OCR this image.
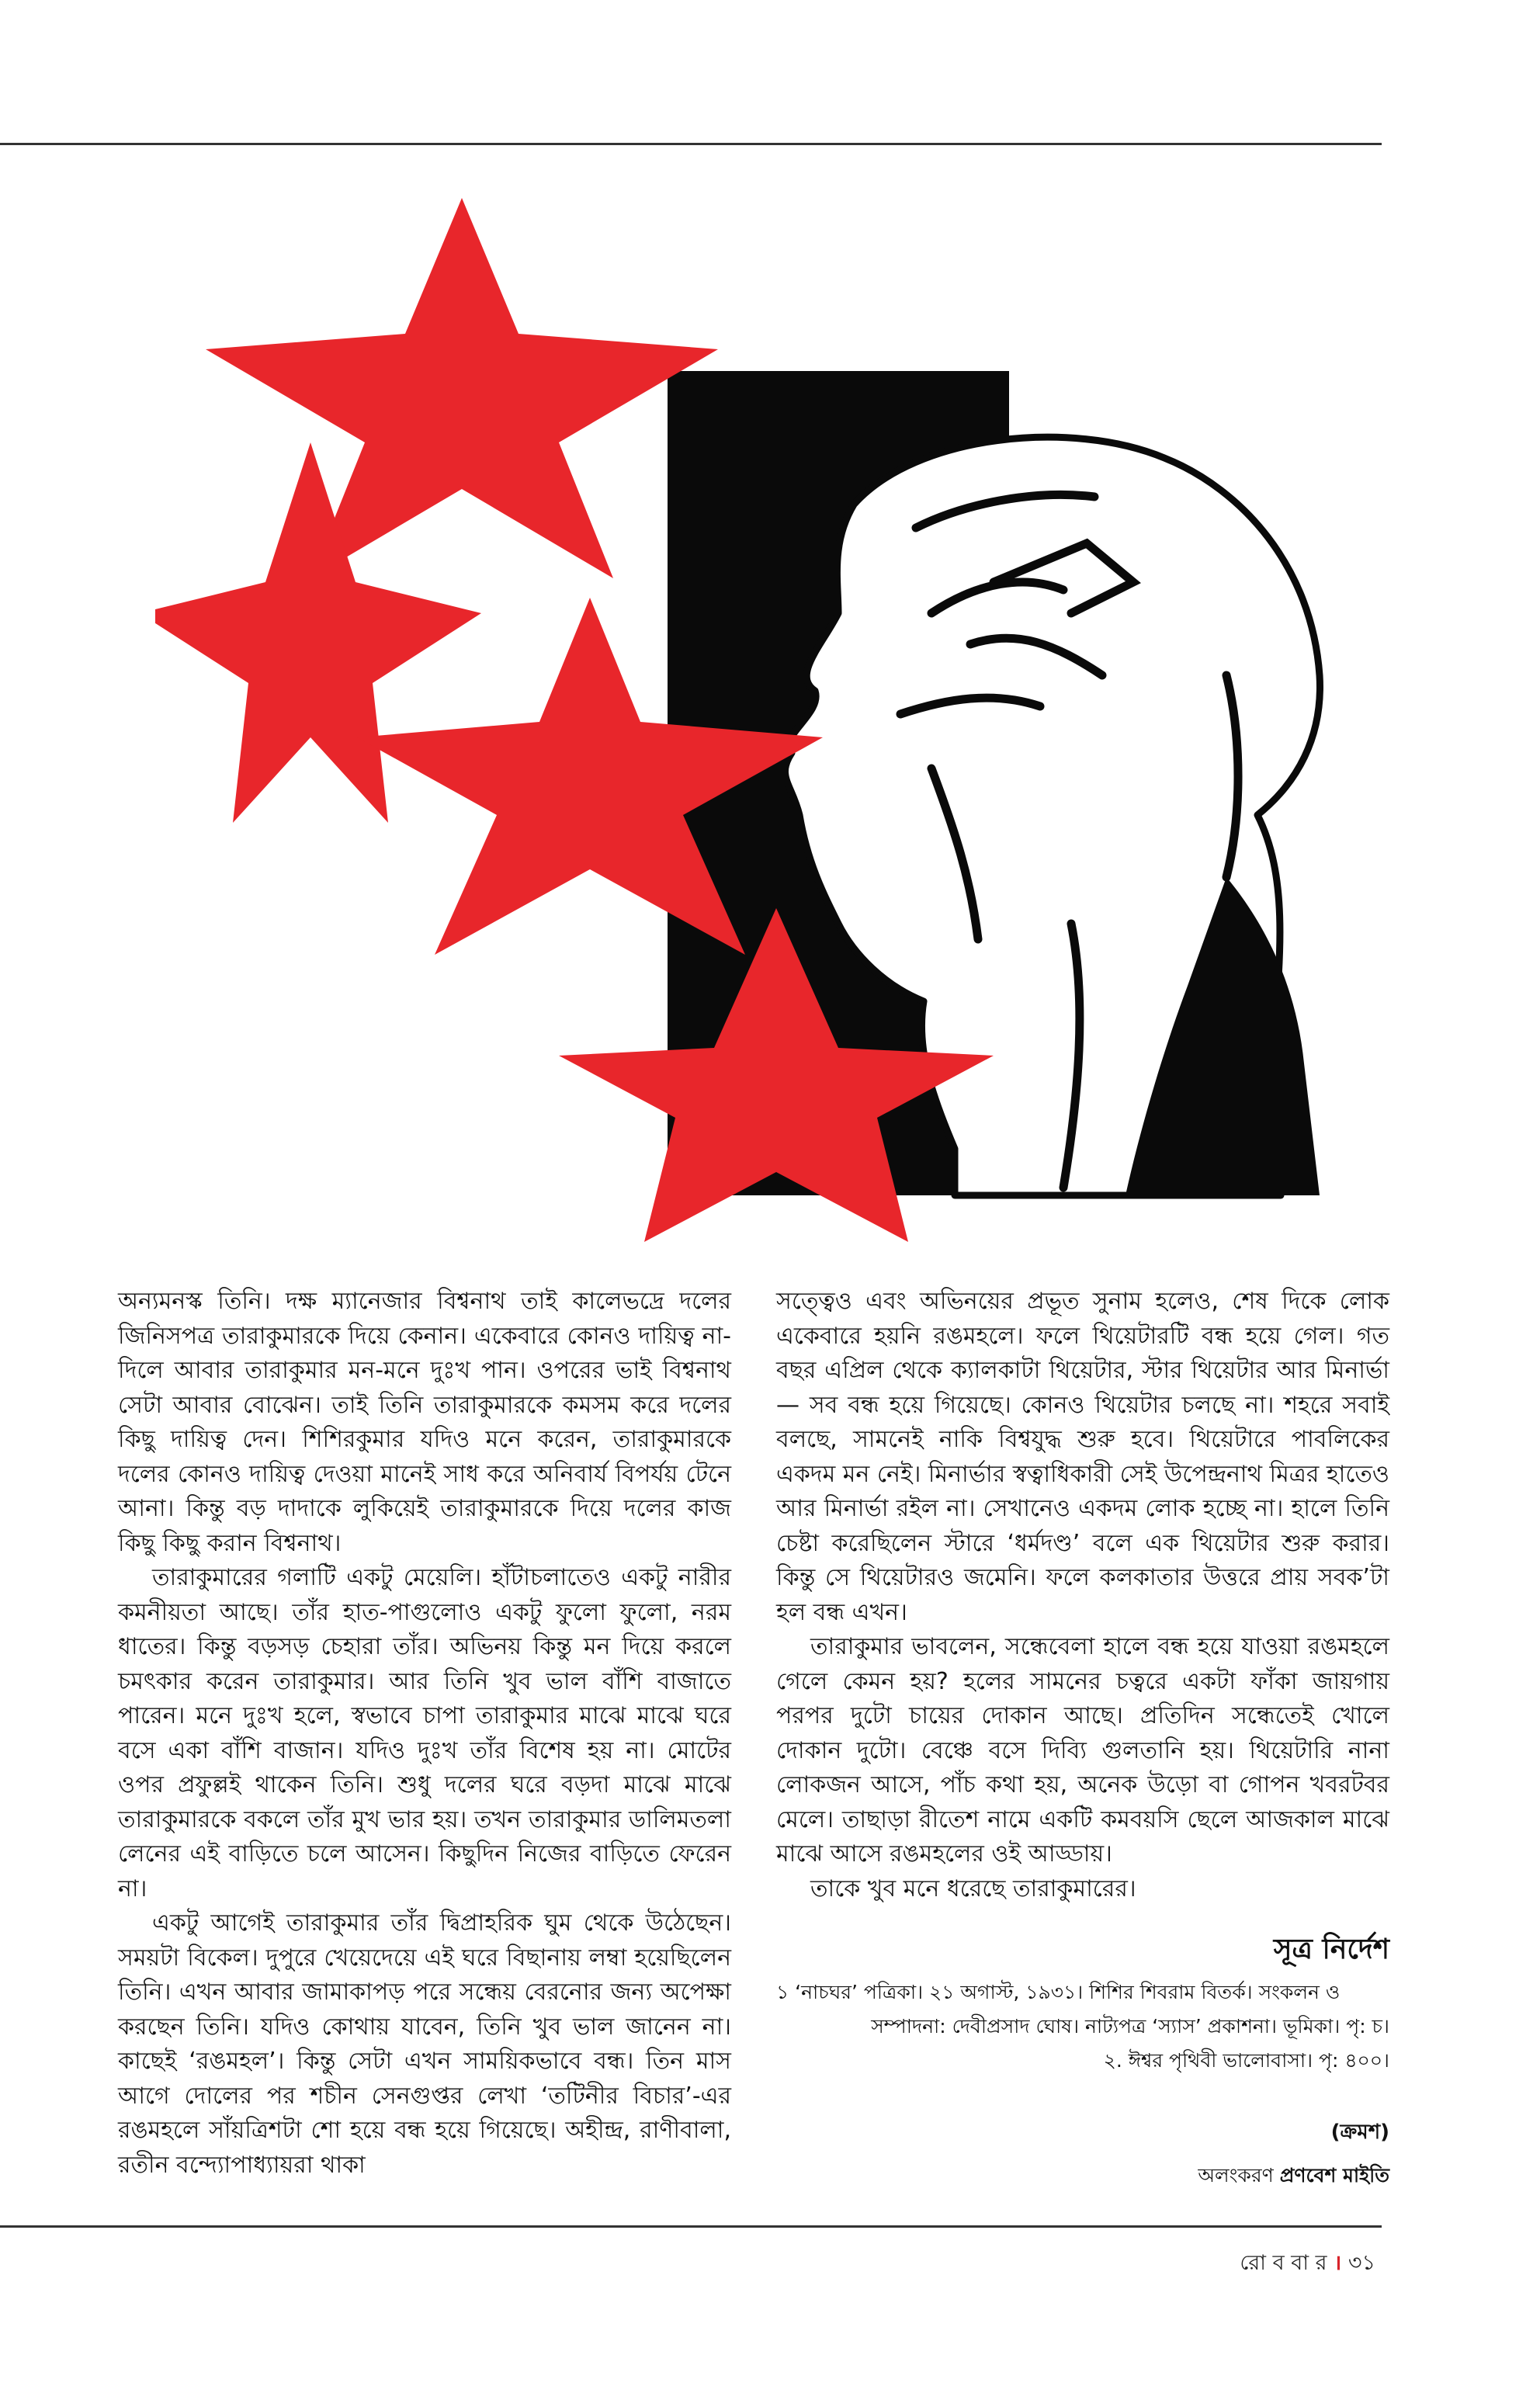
অন্যমনস্ক তিনি। দক্ষ ম্যানেজার বিশ্বনাথ তাই কালেভদ্রে দলের জিনিসপত্র তারাকুমারকে দিয়ে কেনান। একেবারে কোনও দায়িত্ব না-দিলে আবার তারাকুমার মন-মনে দুঃখ পান। ওপরের ভাই বিশ্বনাথ সেটা আবার বোঝেন। তাই তিনি তারাকুমারকে কমসম করে দলের কিছু দায়িত্ব দেন। শিশিরকুমার যদিও মনে করেন, তারাকুমারকে দলের কোনও দায়িত্ব দেওয়া মানেই সাধ করে অনিবার্য বিপর্যয় টেনে আনা। কিন্তু বড় দাদাকে লুকিয়েই তারাকুমারকে দিয়ে দলের কাজ কিছু কিছু করান বিশ্বনাথ।

তারাকুমারের গলাটি একটু মেয়েলি। হাঁটাচলাতেও একটু নারীর কমনীয়তা আছে। তাঁর হাত-পাগুলোও একটু ফুলো ফুলো, নরম ধাতের। কিন্তু বড়সড় চেহারা তাঁর। অভিনয় কিন্তু মন দিয়ে করলে চমৎকার করেন তারাকুমার। আর তিনি খুব ভাল বাঁশি বাজাতে পারেন। মনে দুঃখ হলে, স্বভাবে চাপা তারাকুমার মাঝে মাঝে ঘরে বসে একা বাঁশি বাজান। যদিও দুঃখ তাঁর বিশেষ হয় না। মোটের ওপর প্রফুল্লই থাকেন তিনি। শুধু দলের ঘরে বড়দা মাঝে মাঝে তারাকুমারকে বকলে তাঁর মুখ ভার হয়। তখন তারাকুমার ডালিমতলা লেনের এই বাড়িতে চলে আসেন। কিছুদিন নিজের বাড়িতে ফেরেন না।

একটু আগেই তারাকুমার তাঁর দ্বিপ্রাহরিক ঘুম থেকে উঠেছেন। সময়টা বিকেল। দুপুরে খেয়েদেয়ে এই ঘরে বিছানায় লম্বা হয়েছিলেন তিনি। এখন আবার জামাকাপড় পরে সন্ধেয় বেরনোর জন্য অপেক্ষা করছেন তিনি। যদিও কোথায় যাবেন, তিনি খুব ভাল জানেন না। কাছেই ‘রঙমহল’। কিন্তু সেটা এখন সাময়িকভাবে বন্ধ। তিন মাস আগে দোলের পর শচীন সেনগুপ্তর লেখা ‘তটিনীর বিচার’-এর রঙমহলে সাঁয়ত্রিশটা শো হয়ে বন্ধ হয়ে গিয়েছে। অহীন্দ্র, রাণীবালা, রতীন বন্দ্যোপাধ্যায়রা থাকা

সত্ত্বেও এবং অভিনয়ের প্রভূত সুনাম হলেও, শেষ দিকে লোক একেবারে হয়নি রঙমহলে। ফলে থিয়েটারটি বন্ধ হয়ে গেল। গত বছর এপ্রিল থেকে ক্যালকাটা থিয়েটার, স্টার থিয়েটার আর মিনার্ভা— সব বন্ধ হয়ে গিয়েছে। কোনও থিয়েটার চলছে না। শহরে সবাই বলছে, সামনেই নাকি বিশ্বযুদ্ধ শুরু হবে। থিয়েটারে পাবলিকের একদম মন নেই। মিনার্ভার স্বত্বাধিকারী সেই উপেন্দ্রনাথ মিত্রর হাতেও আর মিনার্ভা রইল না। সেখানেও একদম লোক হচ্ছে না। হালে তিনি চেষ্টা করেছিলেন স্টারে ‘ধর্মদণ্ড’ বলে এক থিয়েটার শুরু করার। কিন্তু সে থিয়েটারও জমেনি। ফলে কলকাতার উত্তরে প্রায় সবক’টা হল বন্ধ এখন।

তারাকুমার ভাবলেন, সন্ধেবেলা হালে বন্ধ হয়ে যাওয়া রঙমহলে গেলে কেমন হয়? হলের সামনের চত্বরে একটা ফাঁকা জায়গায় পরপর দুটো চায়ের দোকান আছে। প্রতিদিন সন্ধেতেই খোলে দোকান দুটো। বেঞ্চে বসে দিব্যি গুলতানি হয়। থিয়েটারি নানা লোকজন আসে, পাঁচ কথা হয়, অনেক উড়ো বা গোপন খবরটবর মেলে। তাছাড়া রীতেশ নামে একটি কমবয়সি ছেলে আজকাল মাঝে মাঝে আসে রঙমহলের ওই আড্ডায়।

তাকে খুব মনে ধরেছে তারাকুমারের।

সূত্র নির্দেশ

১ ‘নাচঘর’ পত্রিকা। ২১ অগাস্ট, ১৯৩১। শিশির শিবরাম বিতর্ক। সংকলন ও

সম্পাদনা: দেবীপ্রসাদ ঘোষ। নাট্যপত্র ‘স্যাস’ প্রকাশনা। ভূমিকা। পৃ: চ।

২. ঈশ্বর পৃথিবী ভালোবাসা। পৃ: ৪০০।

(ক্রমশ)
অলংকরণ প্রণবেশ মাইতি
রো ব বা র । ৩১
